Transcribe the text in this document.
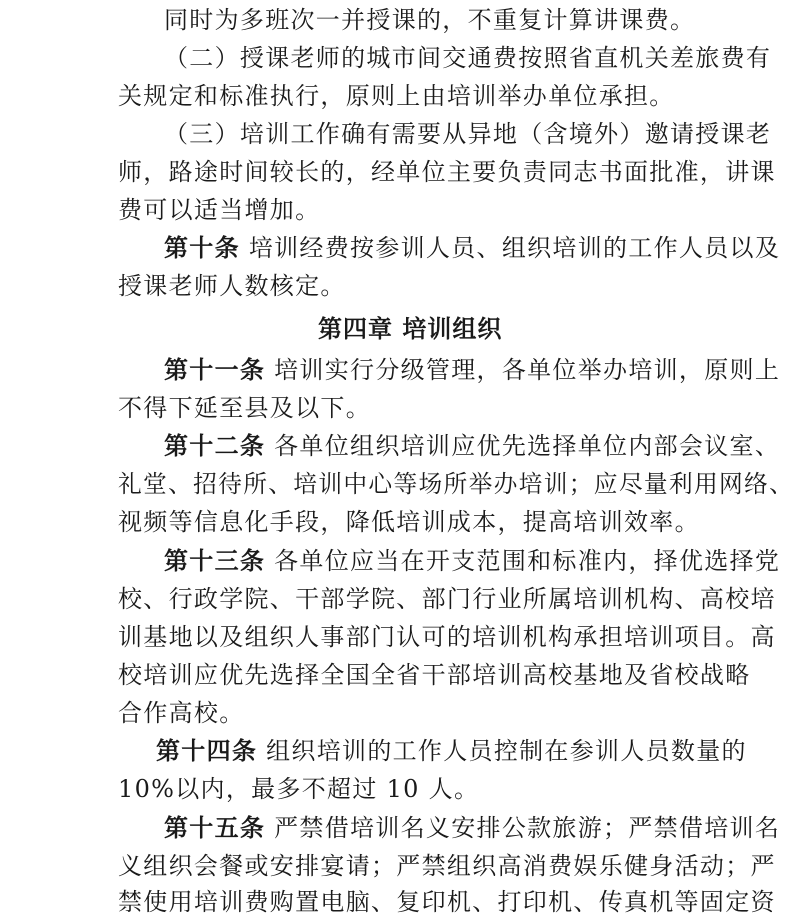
同时为多班次一并授课的，不重复计算讲课费。
（二）授课老师的城市间交通费按照省直机关差旅费有
关规定和标准执行，原则上由培训举办单位承担。
（三）培训工作确有需要从异地（含境外）邀请授课老
师，路途时间较长的，经单位主要负责同志书面批准，讲课
费可以适当增加。
第十条 培训经费按参训人员、组织培训的工作人员以及
授课老师人数核定。
第四章 培训组织
第十一条 培训实行分级管理，各单位举办培训，原则上
不得下延至县及以下。
第十二条 各单位组织培训应优先选择单位内部会议室、
礼堂、招待所、培训中心等场所举办培训；应尽量利用网络、
视频等信息化手段，降低培训成本，提高培训效率。
第十三条 各单位应当在开支范围和标准内，择优选择党
校、行政学院、干部学院、部门行业所属培训机构、高校培
训基地以及组织人事部门认可的培训机构承担培训项目。高
校培训应优先选择全国全省干部培训高校基地及省校战略
合作高校。
第十四条 组织培训的工作人员控制在参训人员数量的
10%以内，最多不超过 10 人。
第十五条 严禁借培训名义安排公款旅游；严禁借培训名
义组织会餐或安排宴请；严禁组织高消费娱乐健身活动；严
禁使用培训费购置电脑、复印机、打印机、传真机等固定资
